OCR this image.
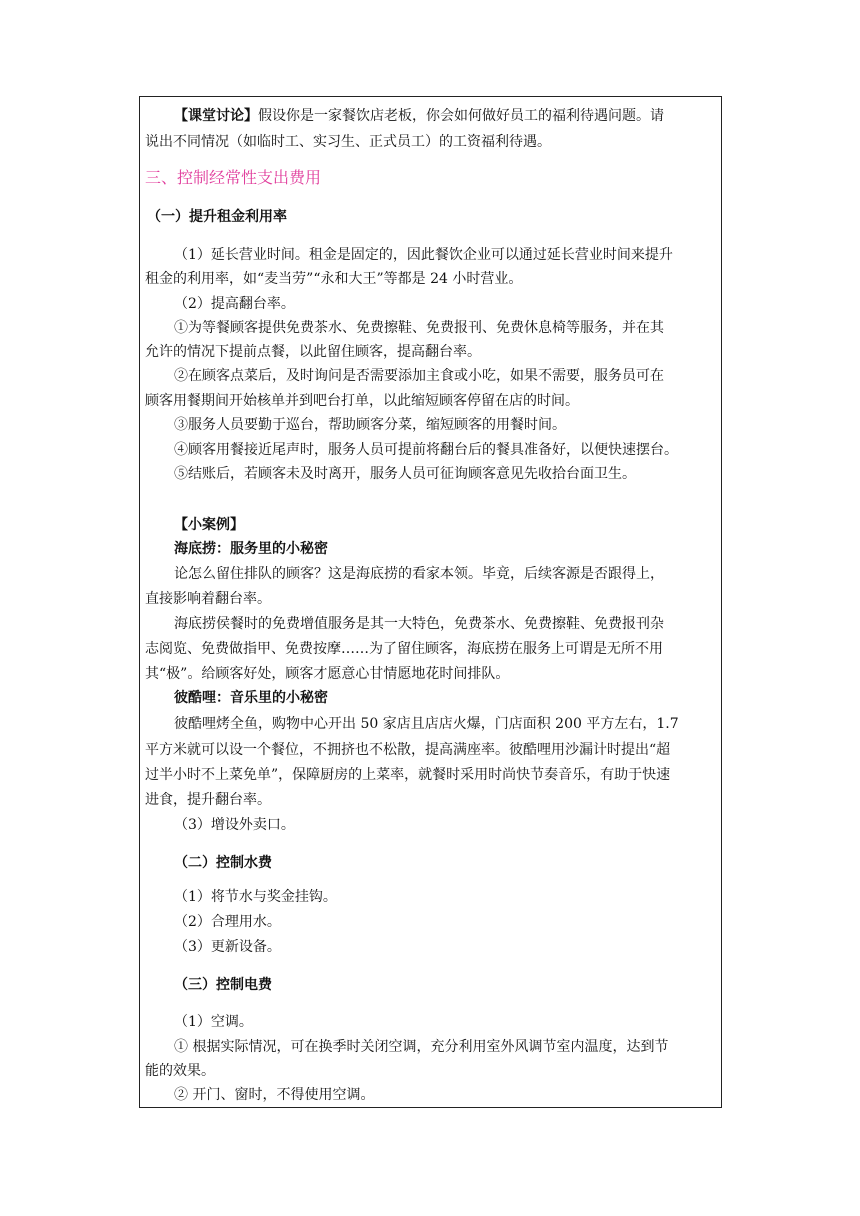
【课堂讨论】假设你是一家餐饮店老板，你会如何做好员工的福利待遇问题。请
说出不同情况（如临时工、实习生、正式员工）的工资福利待遇。
三、控制经常性支出费用
（一）提升租金利用率
（1）延长营业时间。租金是固定的，因此餐饮企业可以通过延长营业时间来提升
租金的利用率，如“麦当劳”“永和大王”等都是 24 小时营业。
（2）提高翻台率。
①为等餐顾客提供免费茶水、免费擦鞋、免费报刊、免费休息椅等服务，并在其
允许的情况下提前点餐，以此留住顾客，提高翻台率。
②在顾客点菜后，及时询问是否需要添加主食或小吃，如果不需要，服务员可在
顾客用餐期间开始核单并到吧台打单，以此缩短顾客停留在店的时间。
③服务人员要勤于巡台，帮助顾客分菜，缩短顾客的用餐时间。
④顾客用餐接近尾声时，服务人员可提前将翻台后的餐具准备好，以便快速摆台。
⑤结账后，若顾客未及时离开，服务人员可征询顾客意见先收拾台面卫生。
【小案例】
海底捞：服务里的小秘密
论怎么留住排队的顾客？这是海底捞的看家本领。毕竟，后续客源是否跟得上，
直接影响着翻台率。
海底捞侯餐时的免费增值服务是其一大特色，免费茶水、免费擦鞋、免费报刊杂
志阅览、免费做指甲、免费按摩……为了留住顾客，海底捞在服务上可谓是无所不用
其“极”。给顾客好处，顾客才愿意心甘情愿地花时间排队。
彼酷哩：音乐里的小秘密
彼酷哩烤全鱼，购物中心开出 50 家店且店店火爆，门店面积 200 平方左右，1.7
平方米就可以设一个餐位，不拥挤也不松散，提高满座率。彼酷哩用沙漏计时提出“超
过半小时不上菜免单”，保障厨房的上菜率，就餐时采用时尚快节奏音乐，有助于快速
进食，提升翻台率。
（3）增设外卖口。
（二）控制水费
（1）将节水与奖金挂钩。
（2）合理用水。
（3）更新设备。
（三）控制电费
（1）空调。
① 根据实际情况，可在换季时关闭空调，充分利用室外风调节室内温度，达到节
能的效果。
② 开门、窗时，不得使用空调。
